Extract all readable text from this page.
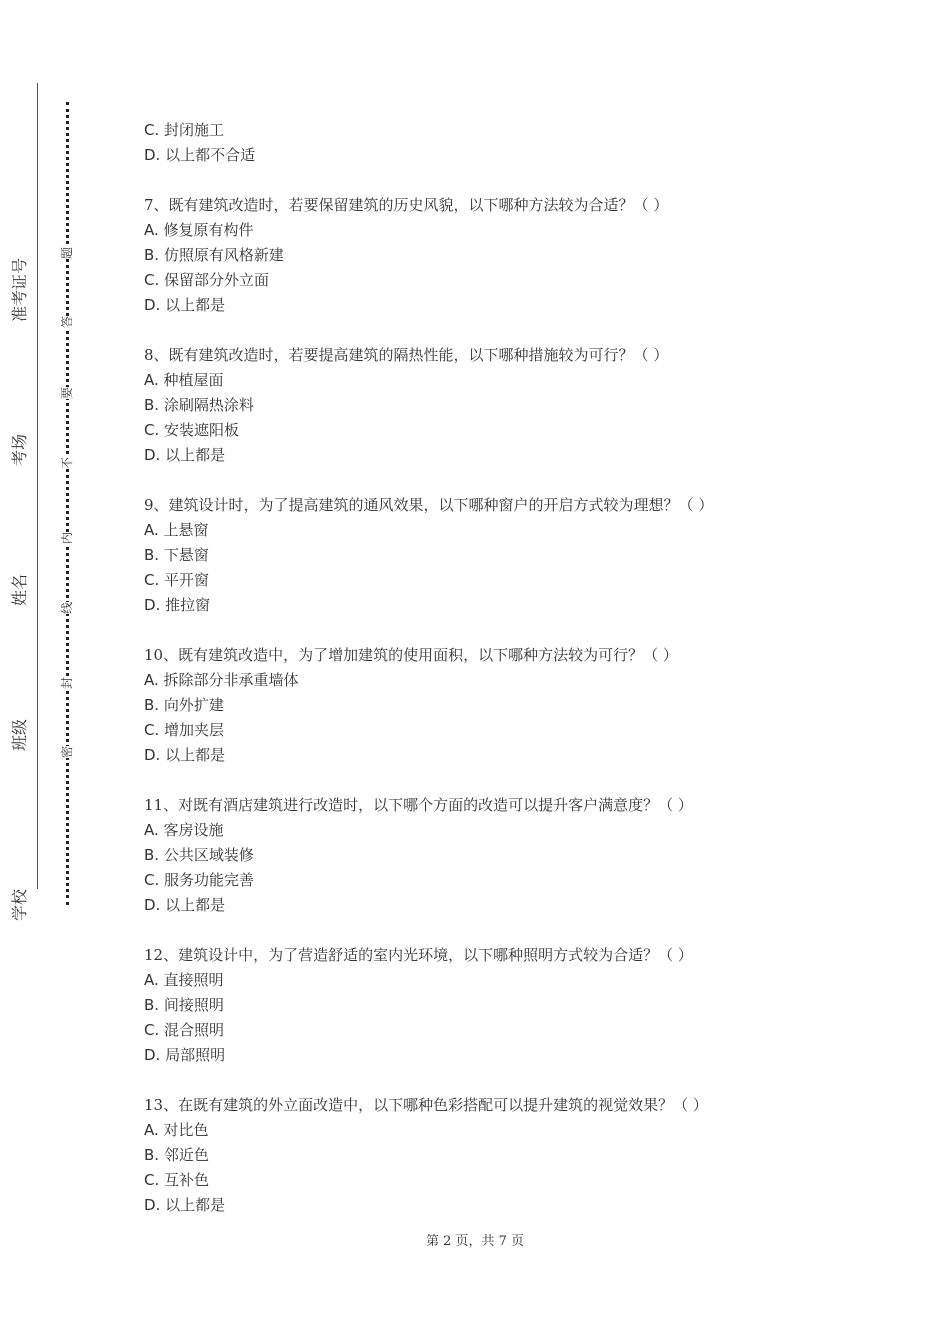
准考证号
考场
姓名
班级
学校
题
答
要
不
内
线
封
密
C. 封闭施工
D. 以上都不合适
7、既有建筑改造时，若要保留建筑的历史风貌，以下哪种方法较为合适？（ ）
A. 修复原有构件
B. 仿照原有风格新建
C. 保留部分外立面
D. 以上都是
8、既有建筑改造时，若要提高建筑的隔热性能，以下哪种措施较为可行？（ ）
A. 种植屋面
B. 涂刷隔热涂料
C. 安装遮阳板
D. 以上都是
9、建筑设计时，为了提高建筑的通风效果，以下哪种窗户的开启方式较为理想？（ ）
A. 上悬窗
B. 下悬窗
C. 平开窗
D. 推拉窗
10、既有建筑改造中，为了增加建筑的使用面积，以下哪种方法较为可行？（ ）
A. 拆除部分非承重墙体
B. 向外扩建
C. 增加夹层
D. 以上都是
11、对既有酒店建筑进行改造时，以下哪个方面的改造可以提升客户满意度？（ ）
A. 客房设施
B. 公共区域装修
C. 服务功能完善
D. 以上都是
12、建筑设计中，为了营造舒适的室内光环境，以下哪种照明方式较为合适？（ ）
A. 直接照明
B. 间接照明
C. 混合照明
D. 局部照明
13、在既有建筑的外立面改造中，以下哪种色彩搭配可以提升建筑的视觉效果？（ ）
A. 对比色
B. 邻近色
C. 互补色
D. 以上都是
第 2 页，共 7 页
